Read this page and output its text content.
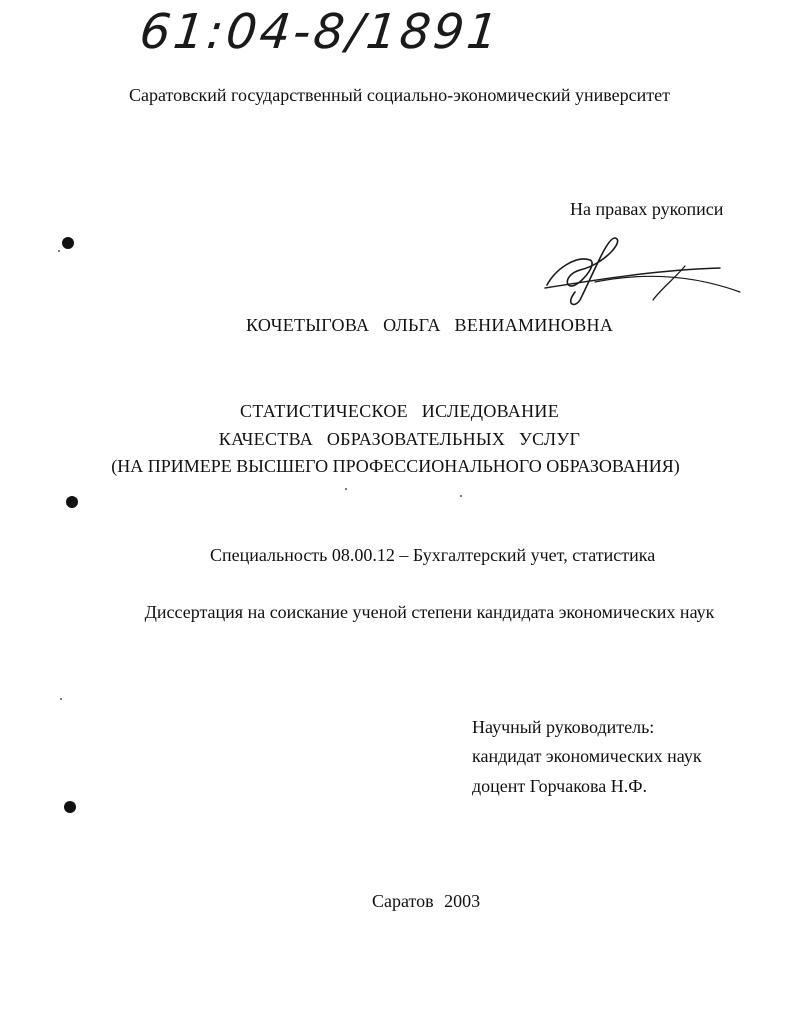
61:04-8/1891
Саратовский государственный социально-экономический университет
На правах рукописи
КОЧЕТЫГОВА ОЛЬГА ВЕНИАМИНОВНА
СТАТИСТИЧЕСКОЕ ИСЛЕДОВАНИЕ
КАЧЕСТВА ОБРАЗОВАТЕЛЬНЫХ УСЛУГ
(НА ПРИМЕРЕ ВЫСШЕГО ПРОФЕССИОНАЛЬНОГО ОБРАЗОВАНИЯ)
Специальность 08.00.12 – Бухгалтерский учет, статистика
Диссертация на соискание ученой степени кандидата экономических наук
Научный руководитель:
кандидат экономических наук
доцент Горчакова Н.Ф.
Саратов 2003
